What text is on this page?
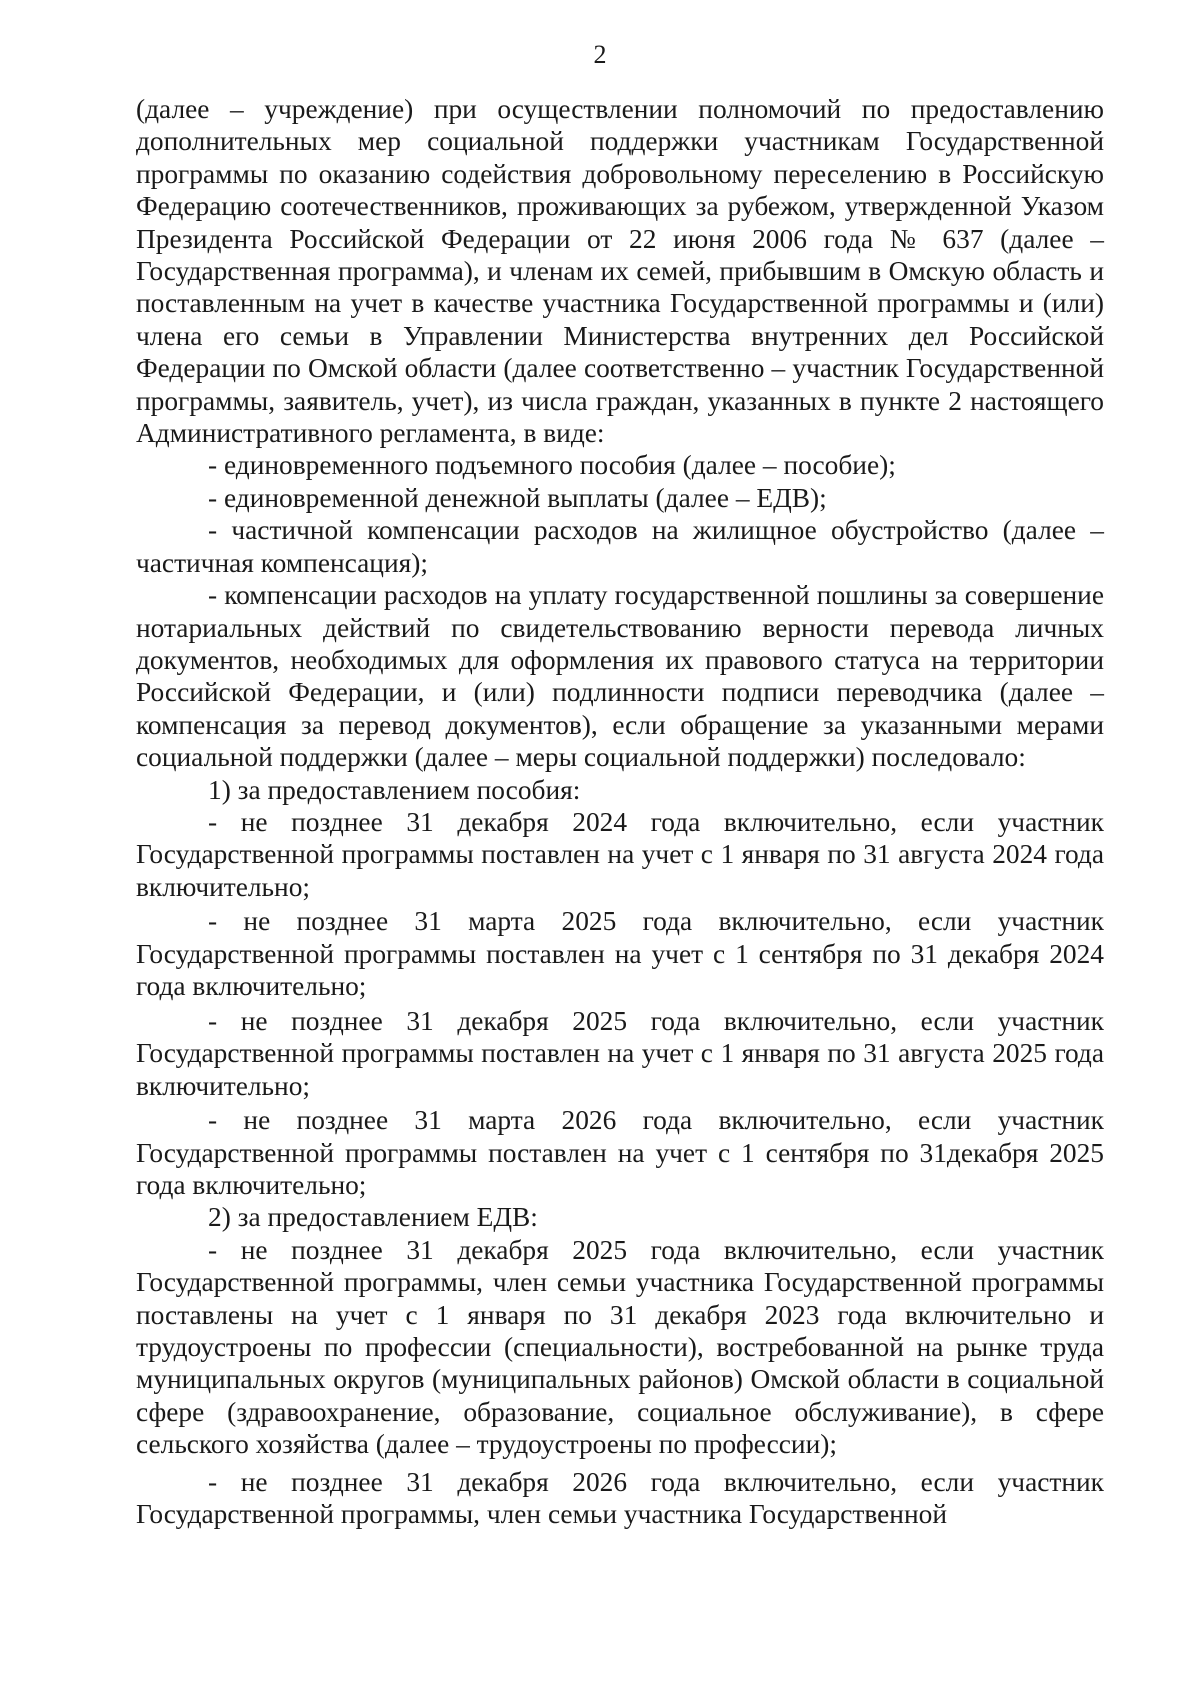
2

(далее – учреждение) при осуществлении полномочий по предоставлению дополнительных мер социальной поддержки участникам Государственной программы по оказанию содействия добровольному переселению в Российскую Федерацию соотечественников, проживающих за рубежом, утвержденной Указом Президента Российской Федерации от 22 июня 2006 года № 637 (далее – Государственная программа), и членам их семей, прибывшим в Омскую область и поставленным на учет в качестве участника Государственной программы и (или) члена его семьи в Управлении Министерства внутренних дел Российской Федерации по Омской области (далее соответственно – участник Государственной программы, заявитель, учет), из числа граждан, указанных в пункте 2 настоящего Административного регламента, в виде:

- единовременного подъемного пособия (далее – пособие);

- единовременной денежной выплаты (далее – ЕДВ);

- частичной компенсации расходов на жилищное обустройство (далее – частичная компенсация);

- компенсации расходов на уплату государственной пошлины за совершение нотариальных действий по свидетельствованию верности перевода личных документов, необходимых для оформления их правового статуса на территории Российской Федерации, и (или) подлинности подписи переводчика (далее – компенсация за перевод документов), если обращение за указанными мерами социальной поддержки (далее – меры социальной поддержки) последовало:

1) за предоставлением пособия:

- не позднее 31 декабря 2024 года включительно, если участник Государственной программы поставлен на учет с 1 января по 31 августа 2024 года включительно;

- не позднее 31 марта 2025 года включительно, если участник Государственной программы поставлен на учет с 1 сентября по 31 декабря 2024 года включительно;

- не позднее 31 декабря 2025 года включительно, если участник Государственной программы поставлен на учет с 1 января по 31 августа 2025 года включительно;

- не позднее 31 марта 2026 года включительно, если участник Государственной программы поставлен на учет с 1 сентября по 31декабря 2025 года включительно;

2) за предоставлением ЕДВ:

- не позднее 31 декабря 2025 года включительно, если участник Государственной программы, член семьи участника Государственной программы поставлены на учет с 1 января по 31 декабря 2023 года включительно и трудоустроены по профессии (специальности), востребованной на рынке труда муниципальных округов (муниципальных районов) Омской области в социальной сфере (здравоохранение, образование, социальное обслуживание), в сфере сельского хозяйства (далее – трудоустроены по профессии);

- не позднее 31 декабря 2026 года включительно, если участник Государственной программы, член семьи участника Государственной
